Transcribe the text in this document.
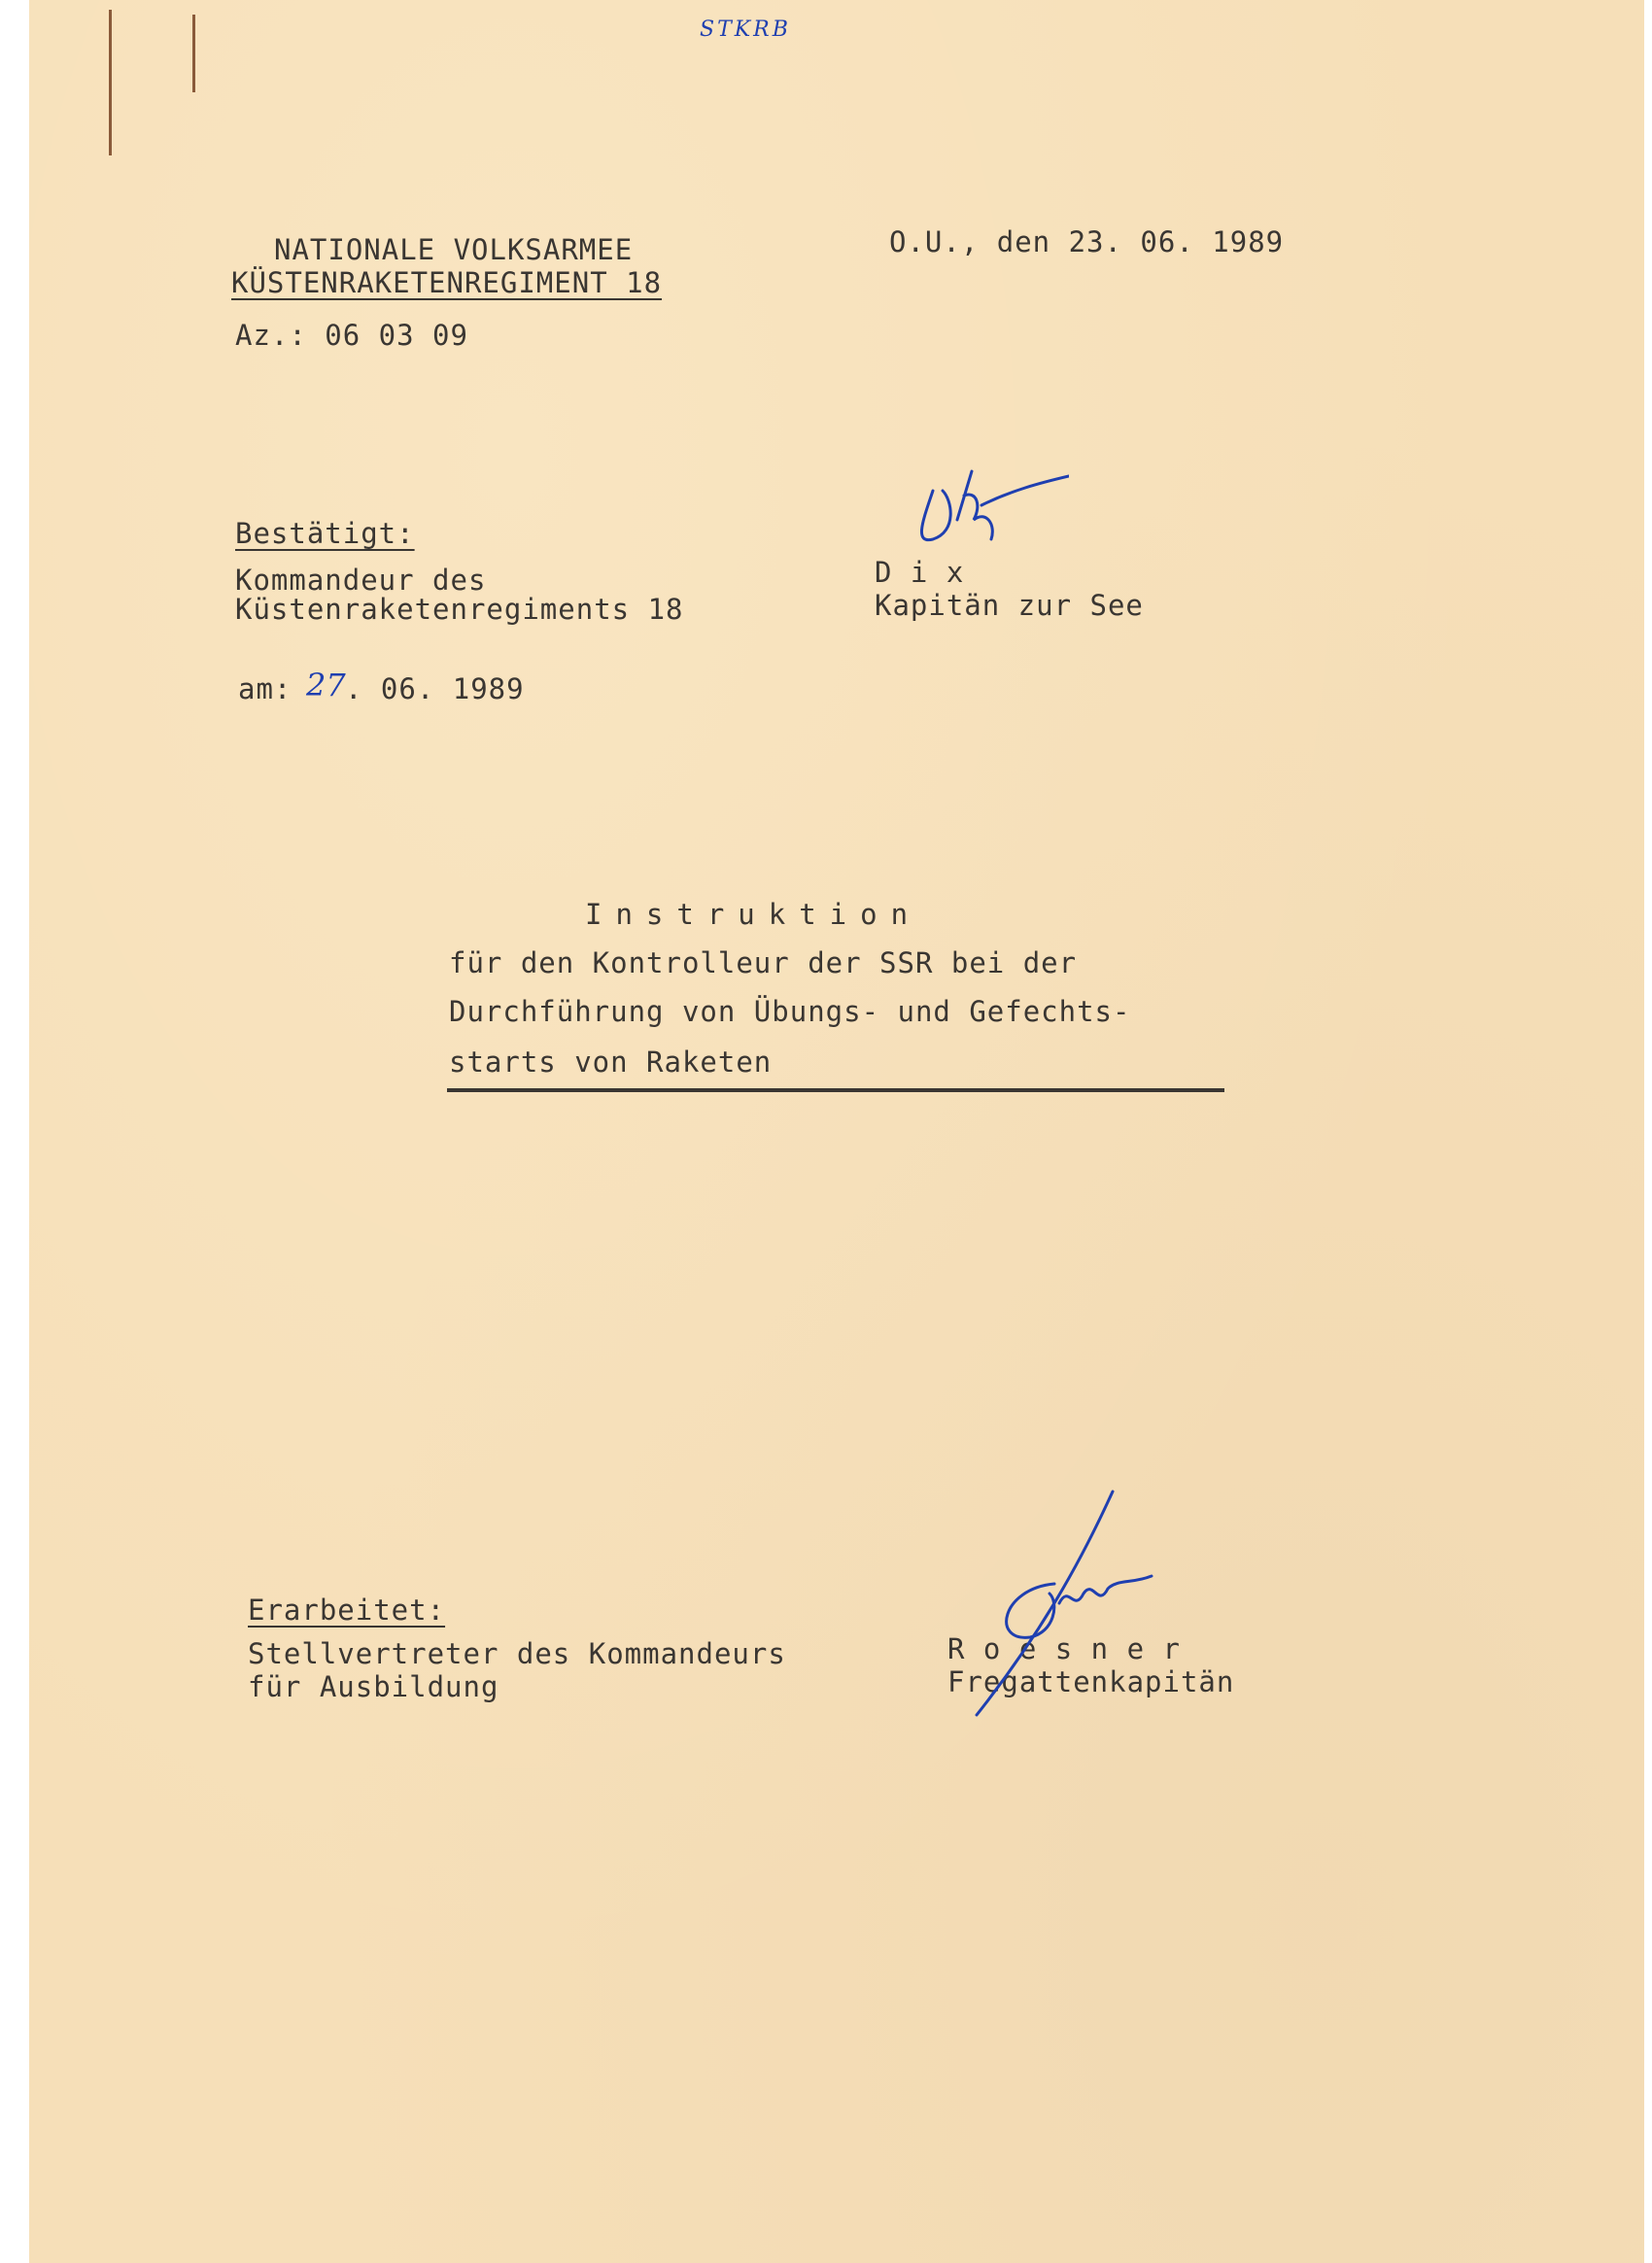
STKRB
NATIONALE VOLKSARMEE
KÜSTENRAKETENREGIMENT 18
Az.: 06 03 09
O.U., den 23. 06. 1989
Bestätigt:
Kommandeur des
Küstenraketenregiments 18
D i x
Kapitän zur See
am: 27 . 06. 1989
Instruktion
für den Kontrolleur der SSR bei der
Durchführung von Übungs- und Gefechts-
starts von Raketen
Erarbeitet:
Stellvertreter des Kommandeurs
für Ausbildung
R o e s n e r
Fregattenkapitän
